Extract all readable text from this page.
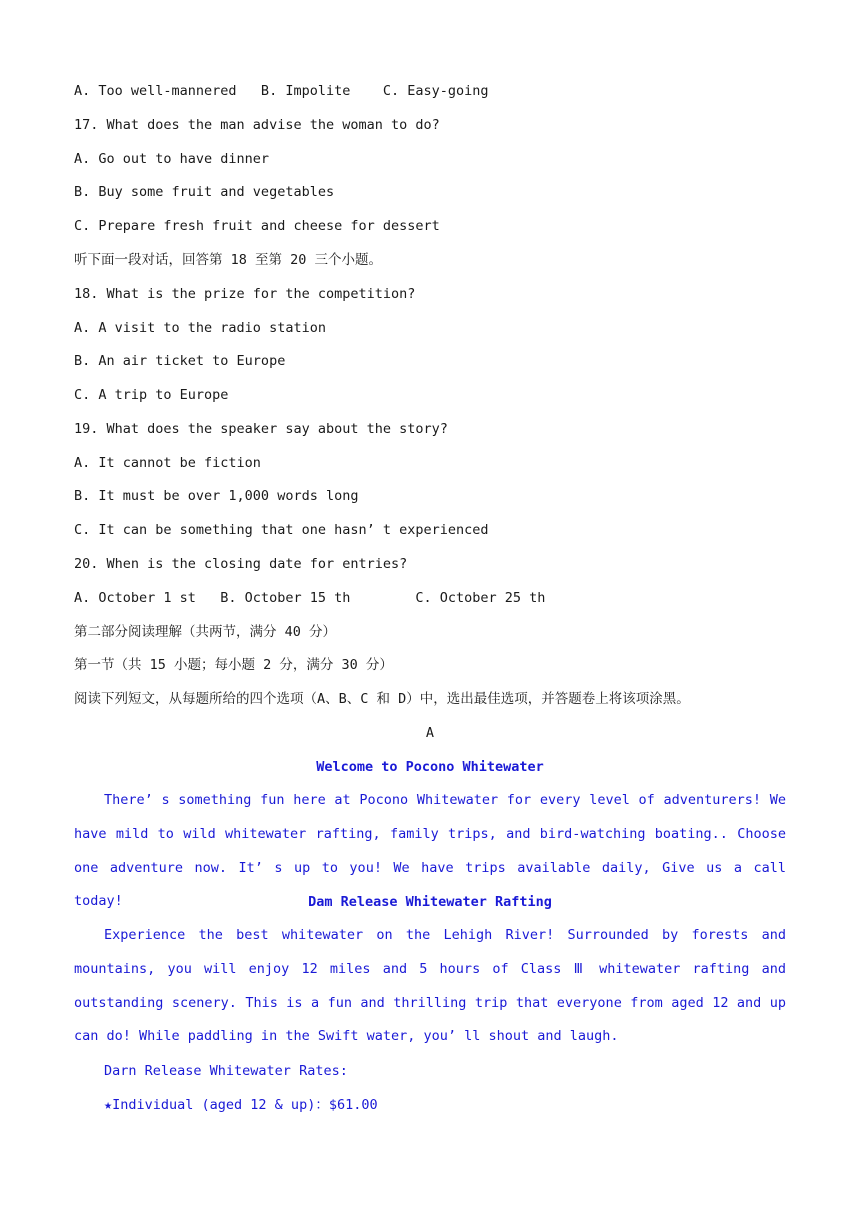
A. Too well-mannered   B. Impolite    C. Easy-going
17. What does the man advise the woman to do?
A. Go out to have dinner
B. Buy some fruit and vegetables
C. Prepare fresh fruit and cheese for dessert
听下面一段对话，回答第 18 至第 20 三个小题。
18. What is the prize for the competition?
A. A visit to the radio station
B. An air ticket to Europe
C. A trip to Europe
19. What does the speaker say about the story?
A. It cannot be fiction
B. It must be over 1,000 words long
C. It can be something that one hasn’ t experienced
20. When is the closing date for entries?
A. October 1 st   B. October 15 th        C. October 25 th
第二部分阅读理解（共两节，满分 40 分）
第一节（共 15 小题；每小题 2 分，满分 30 分）
阅读下列短文，从每题所给的四个选项（A、B、C 和 D）中，选出最佳选项，并答题卷上将该项涂黑。
A
Welcome to Pocono Whitewater
There’ s something fun here at Pocono Whitewater for every level of adventurers! We have mild to wild whitewater rafting, family trips, and bird-watching boating.. Choose one adventure now. It’ s up to you! We have trips available daily, Give us a call today!	Dam Release Whitewater Rafting
Experience the best whitewater on the Lehigh River! Surrounded by forests and mountains, you will enjoy 12 miles and 5 hours of Class Ⅲ whitewater rafting and outstanding scenery. This is a fun and thrilling trip that everyone from aged 12 and up can do! While paddling in the Swift water, you’ ll shout and laugh.
Darn Release Whitewater Rates:
★Individual (aged 12 & up)：$61.00
